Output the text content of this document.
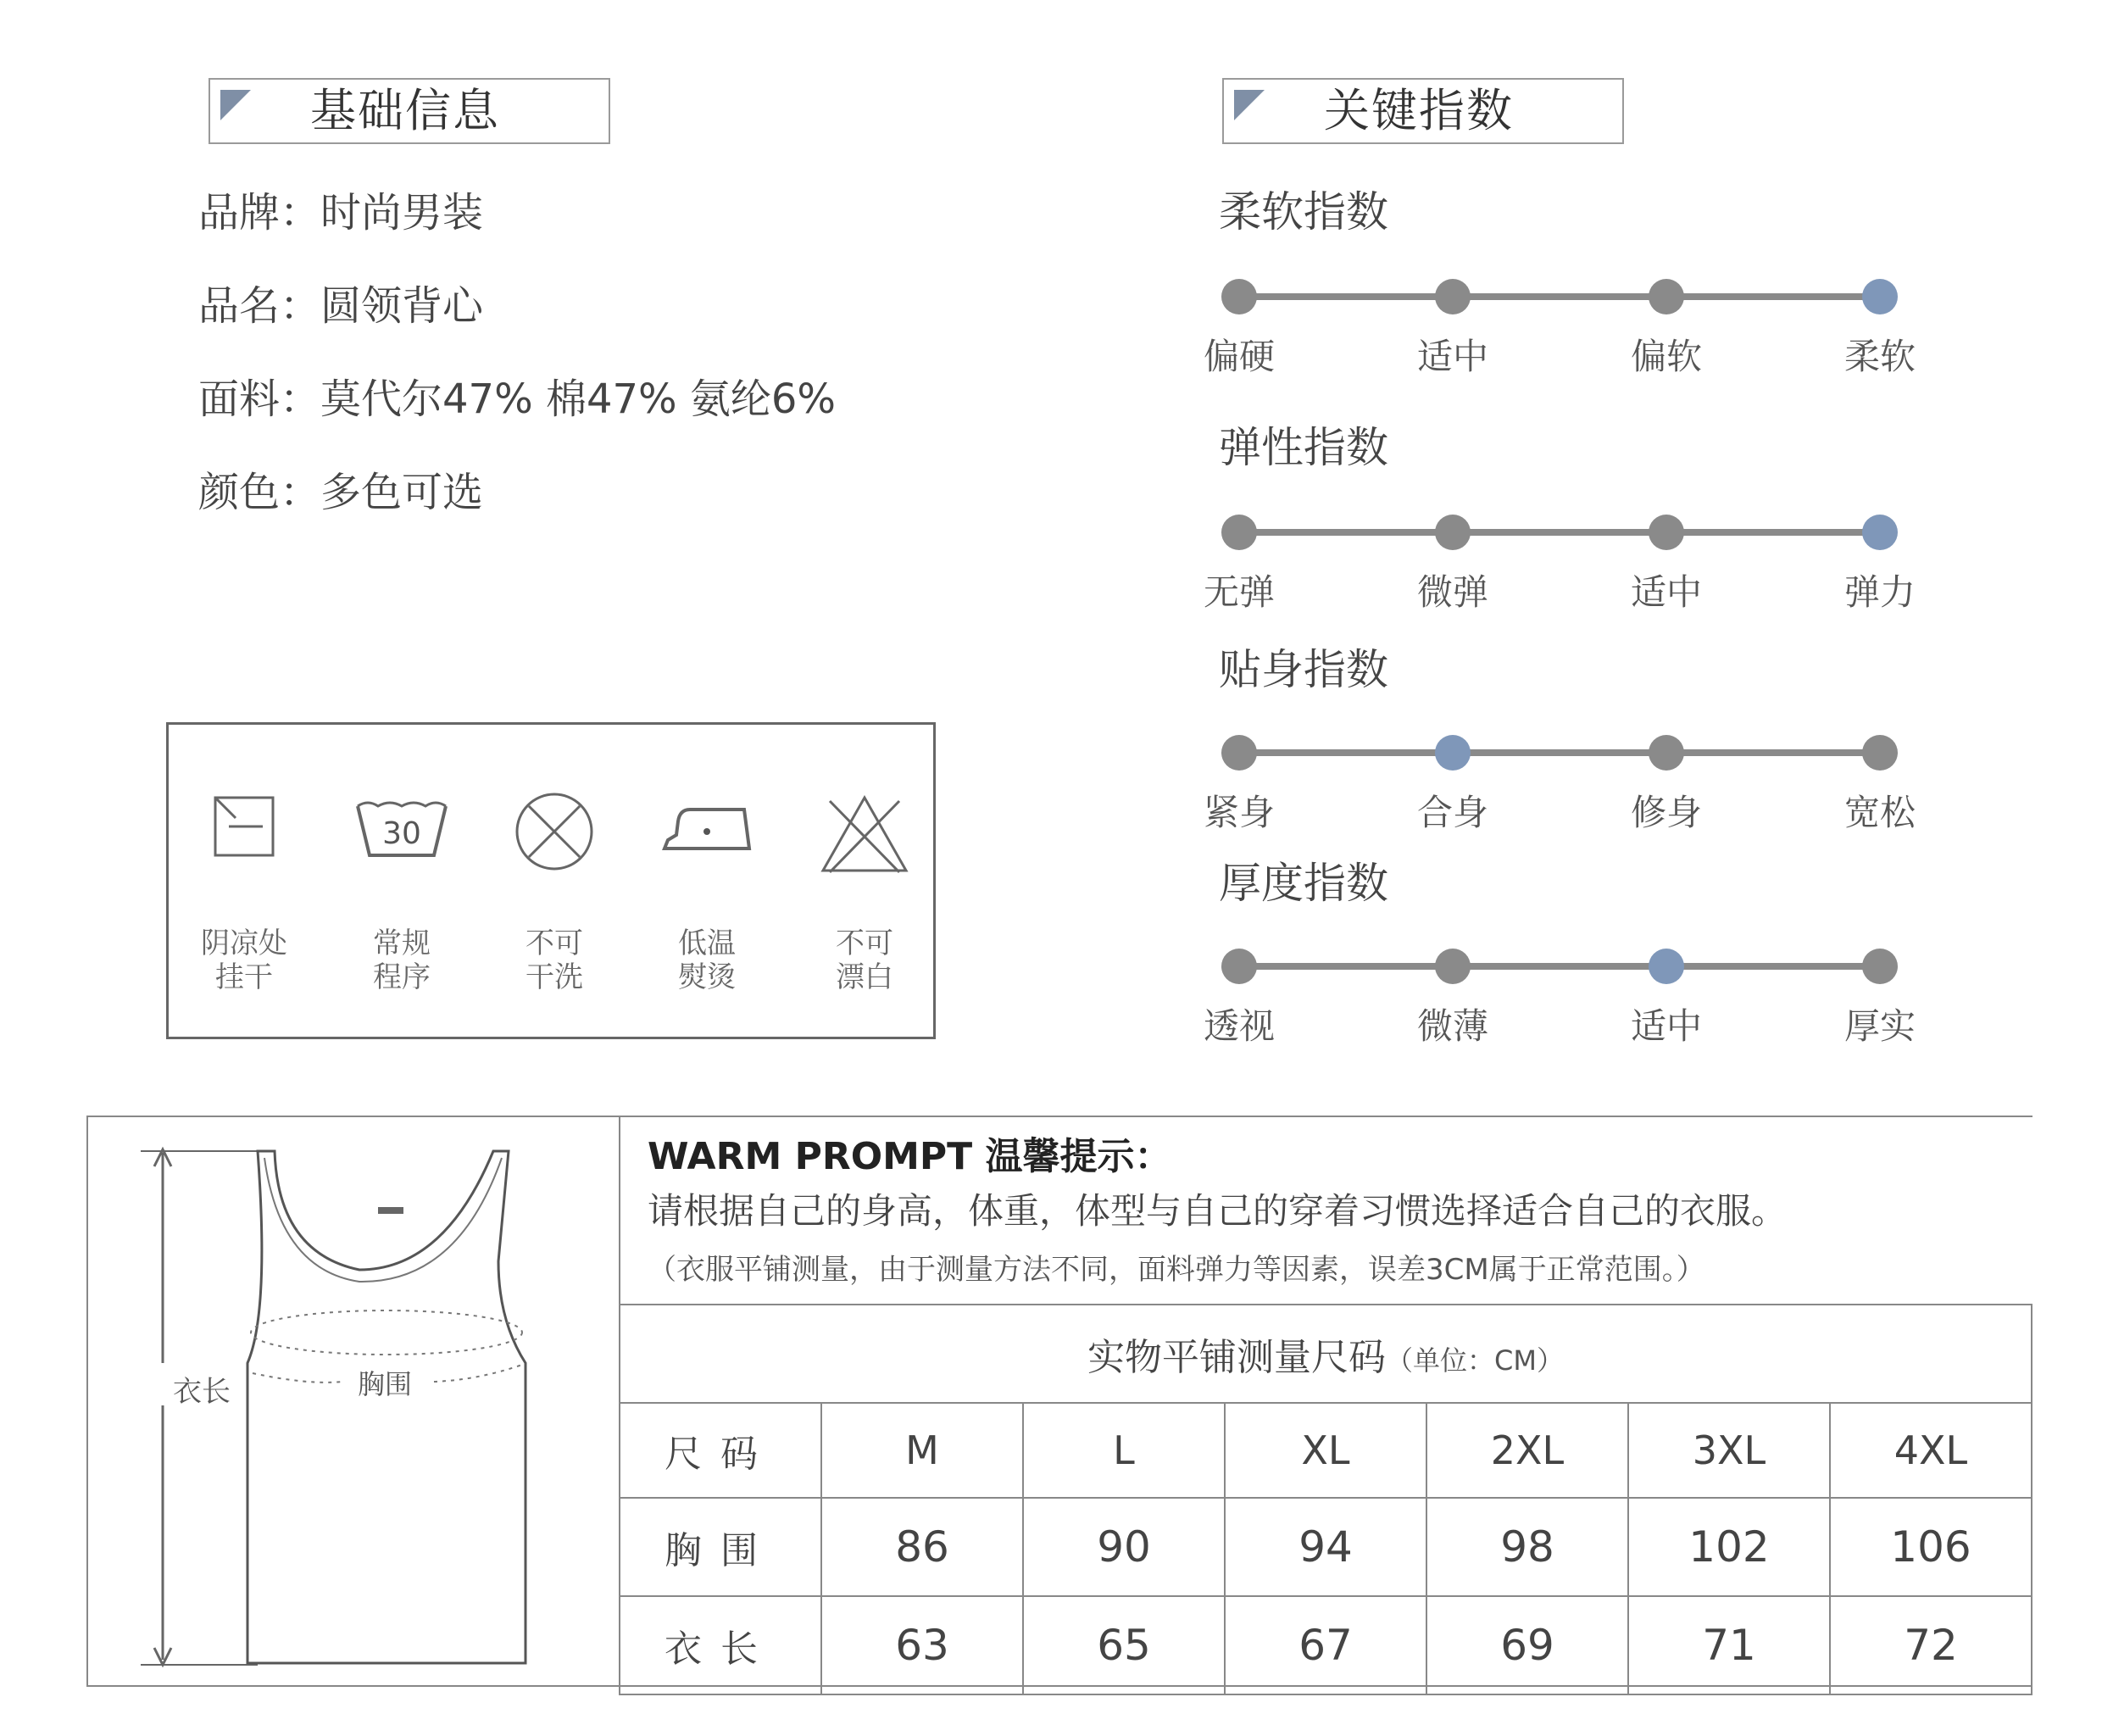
基础信息
品牌：时尚男装
品名：圆领背心
面料：莫代尔47% 棉47% 氨纶6%
颜色：多色可选
关键指数
柔软指数
偏硬	适中	偏软	柔软
弹性指数
无弹	微弹	适中	弹力
贴身指数
紧身	合身	修身	宽松
厚度指数
透视	微薄	适中	厚实
阴凉处
挂干
30
常规
程序
不可
干洗
低温
熨烫
不可
漂白
衣长	胸围
WARM PROMPT 温馨提示：
请根据自己的身高，体重，体型与自己的穿着习惯选择适合自己的衣服。
（衣服平铺测量，由于测量方法不同，面料弹力等因素，误差3CM属于正常范围。）
实物平铺测量尺码（单位：CM）						
尺码	M	L	XL	2XL	3XL	4XL
胸围	86	90	94	98	102	106
衣长	63	65	67	69	71	72
